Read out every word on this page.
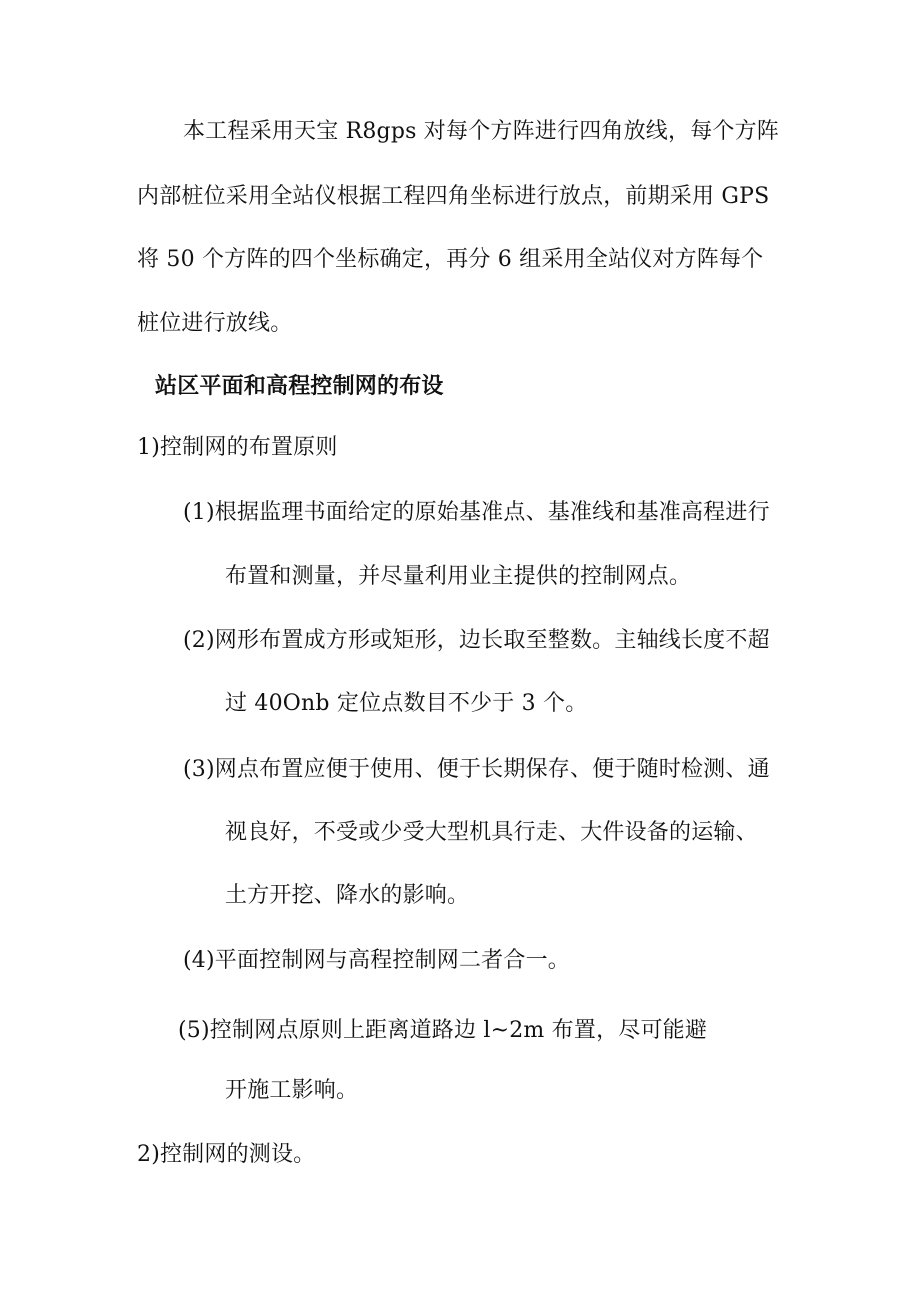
本工程采用天宝 R8gps 对每个方阵进行四角放线，每个方阵
内部桩位采用全站仪根据工程四角坐标进行放点，前期采用 GPS
将 50 个方阵的四个坐标确定，再分 6 组采用全站仪对方阵每个
桩位进行放线。
站区平面和高程控制网的布设
1)控制网的布置原则
(1)根据监理书面给定的原始基准点、基准线和基准高程进行
布置和测量，并尽量利用业主提供的控制网点。
(2)网形布置成方形或矩形，边长取至整数。主轴线长度不超
过 40Onb 定位点数目不少于 3 个。
(3)网点布置应便于使用、便于长期保存、便于随时检测、通
视良好，不受或少受大型机具行走、大件设备的运输、
土方开挖、降水的影响。
(4)平面控制网与高程控制网二者合一。
(5)控制网点原则上距离道路边 l~2m 布置，尽可能避
开施工影响。
2)控制网的测设。
